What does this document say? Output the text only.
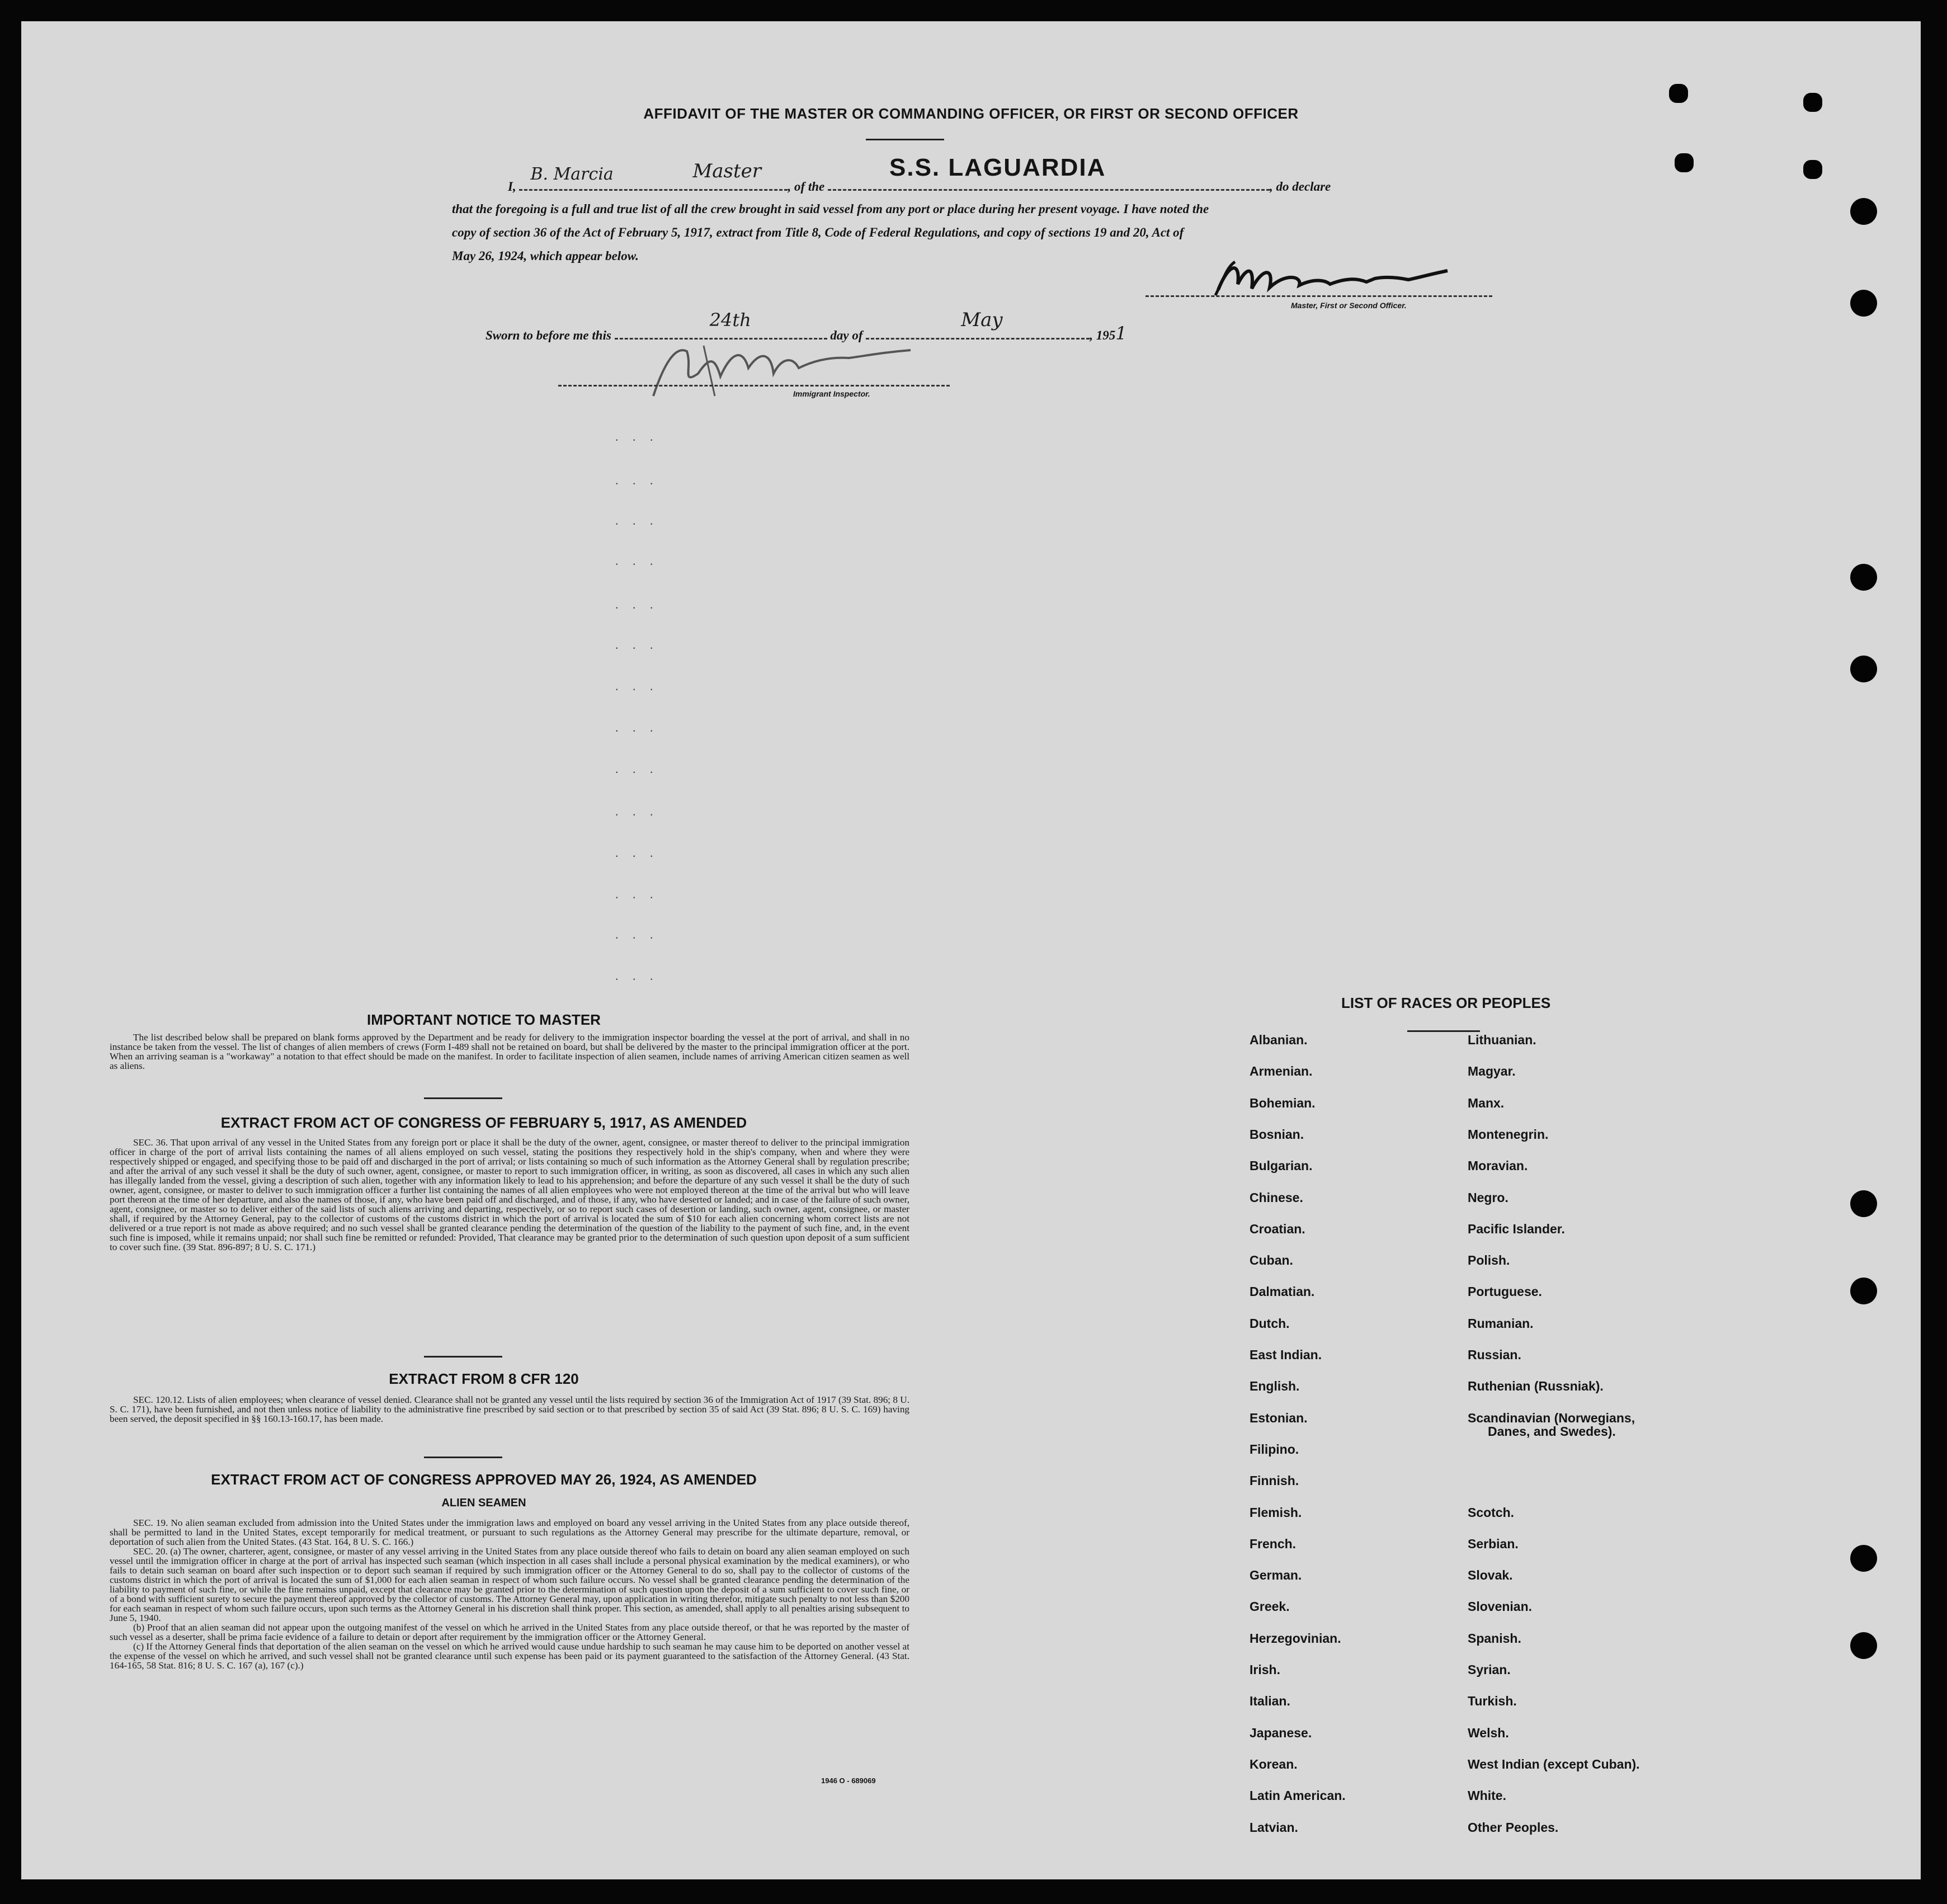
AFFIDAVIT OF THE MASTER OR COMMANDING OFFICER, OR FIRST OR SECOND OFFICER
I,
B. Marcia	Master
, of the
S.S. LAGUARDIA
, do declare
that the foregoing is a full and true list of all the crew brought in said vessel from any port or place during her present voyage. I have noted the
copy of section 36 of the Act of February 5, 1917, extract from Title 8, Code of Federal Regulations, and copy of sections 19 and 20, Act of
May 26, 1924, which appear below.
Master, First or Second Officer.
Sworn to before me this
24th
day of
May
, 1951
Immigrant Inspector.
. . .
. . .
. . .
. . .
. . .
. . .
. . .
. . .
. . .
. . .
. . .
. . .
. . .
. . .
IMPORTANT NOTICE TO MASTER

The list described below shall be prepared on blank forms approved by the Department and be ready for delivery to the immigration inspector boarding the vessel at the port of arrival, and shall in no instance be taken from the vessel. The list of changes of alien members of crews (Form I-489 shall not be retained on board, but shall be delivered by the master to the principal immigration officer at the port. When an arriving seaman is a "workaway" a notation to that effect should be made on the manifest. In order to facilitate inspection of alien seamen, include names of arriving American citizen seamen as well as aliens.

EXTRACT FROM ACT OF CONGRESS OF FEBRUARY 5, 1917, AS AMENDED

SEC. 36. That upon arrival of any vessel in the United States from any foreign port or place it shall be the duty of the owner, agent, consignee, or master thereof to deliver to the principal immigration officer in charge of the port of arrival lists containing the names of all aliens employed on such vessel, stating the positions they respectively hold in the ship's company, when and where they were respectively shipped or engaged, and specifying those to be paid off and discharged in the port of arrival; or lists containing so much of such information as the Attorney General shall by regulation prescribe; and after the arrival of any such vessel it shall be the duty of such owner, agent, consignee, or master to report to such immigration officer, in writing, as soon as discovered, all cases in which any such alien has illegally landed from the vessel, giving a description of such alien, together with any information likely to lead to his apprehension; and before the departure of any such vessel it shall be the duty of such owner, agent, consignee, or master to deliver to such immigration officer a further list containing the names of all alien employees who were not employed thereon at the time of the arrival but who will leave port thereon at the time of her departure, and also the names of those, if any, who have been paid off and discharged, and of those, if any, who have deserted or landed; and in case of the failure of such owner, agent, consignee, or master so to deliver either of the said lists of such aliens arriving and departing, respectively, or so to report such cases of desertion or landing, such owner, agent, consignee, or master shall, if required by the Attorney General, pay to the collector of customs of the customs district in which the port of arrival is located the sum of $10 for each alien concerning whom correct lists are not delivered or a true report is not made as above required; and no such vessel shall be granted clearance pending the determination of the question of the liability to the payment of such fine, and, in the event such fine is imposed, while it remains unpaid; nor shall such fine be remitted or refunded: Provided, That clearance may be granted prior to the determination of such question upon deposit of a sum sufficient to cover such fine. (39 Stat. 896-897; 8 U. S. C. 171.)

EXTRACT FROM 8 CFR 120

SEC. 120.12. Lists of alien employees; when clearance of vessel denied. Clearance shall not be granted any vessel until the lists required by section 36 of the Immigration Act of 1917 (39 Stat. 896; 8 U. S. C. 171), have been furnished, and not then unless notice of liability to the administrative fine prescribed by said section or to that prescribed by section 35 of said Act (39 Stat. 896; 8 U. S. C. 169) having been served, the deposit specified in §§ 160.13-160.17, has been made.

EXTRACT FROM ACT OF CONGRESS APPROVED MAY 26, 1924, AS AMENDED
ALIEN SEAMEN

SEC. 19. No alien seaman excluded from admission into the United States under the immigration laws and employed on board any vessel arriving in the United States from any place outside thereof, shall be permitted to land in the United States, except temporarily for medical treatment, or pursuant to such regulations as the Attorney General may prescribe for the ultimate departure, removal, or deportation of such alien from the United States. (43 Stat. 164, 8 U. S. C. 166.)

SEC. 20. (a) The owner, charterer, agent, consignee, or master of any vessel arriving in the United States from any place outside thereof who fails to detain on board any alien seaman employed on such vessel until the immigration officer in charge at the port of arrival has inspected such seaman (which inspection in all cases shall include a personal physical examination by the medical examiners), or who fails to detain such seaman on board after such inspection or to deport such seaman if required by such immigration officer or the Attorney General to do so, shall pay to the collector of customs of the customs district in which the port of arrival is located the sum of $1,000 for each alien seaman in respect of whom such failure occurs. No vessel shall be granted clearance pending the determination of the liability to payment of such fine, or while the fine remains unpaid, except that clearance may be granted prior to the determination of such question upon the deposit of a sum sufficient to cover such fine, or of a bond with sufficient surety to secure the payment thereof approved by the collector of customs. The Attorney General may, upon application in writing therefor, mitigate such penalty to not less than $200 for each seaman in respect of whom such failure occurs, upon such terms as the Attorney General in his discretion shall think proper. This section, as amended, shall apply to all penalties arising subsequent to June 5, 1940.

(b) Proof that an alien seaman did not appear upon the outgoing manifest of the vessel on which he arrived in the United States from any place outside thereof, or that he was reported by the master of such vessel as a deserter, shall be prima facie evidence of a failure to detain or deport after requirement by the immigration officer or the Attorney General.

(c) If the Attorney General finds that deportation of the alien seaman on the vessel on which he arrived would cause undue hardship to such seaman he may cause him to be deported on another vessel at the expense of the vessel on which he arrived, and such vessel shall not be granted clearance until such expense has been paid or its payment guaranteed to the satisfaction of the Attorney General. (43 Stat. 164-165, 58 Stat. 816; 8 U. S. C. 167 (a), 167 (c).)

1946 O - 689069
LIST OF RACES OR PEOPLES
Albanian.
Armenian.
Bohemian.
Bosnian.
Bulgarian.
Chinese.
Croatian.
Cuban.
Dalmatian.
Dutch.
East Indian.
English.
Estonian.
Filipino.
Finnish.
Flemish.
French.
German.
Greek.
Herzegovinian.
Irish.
Italian.
Japanese.
Korean.
Latin American.
Latvian.
Lithuanian.
Magyar.
Manx.
Montenegrin.
Moravian.
Negro.
Pacific Islander.
Polish.
Portuguese.
Rumanian.
Russian.
Ruthenian (Russniak).
Scandinavian (Norwegians,
Danes, and Swedes).
Scotch.
Serbian.
Slovak.
Slovenian.
Spanish.
Syrian.
Turkish.
Welsh.
West Indian (except Cuban).
White.
Other Peoples.
